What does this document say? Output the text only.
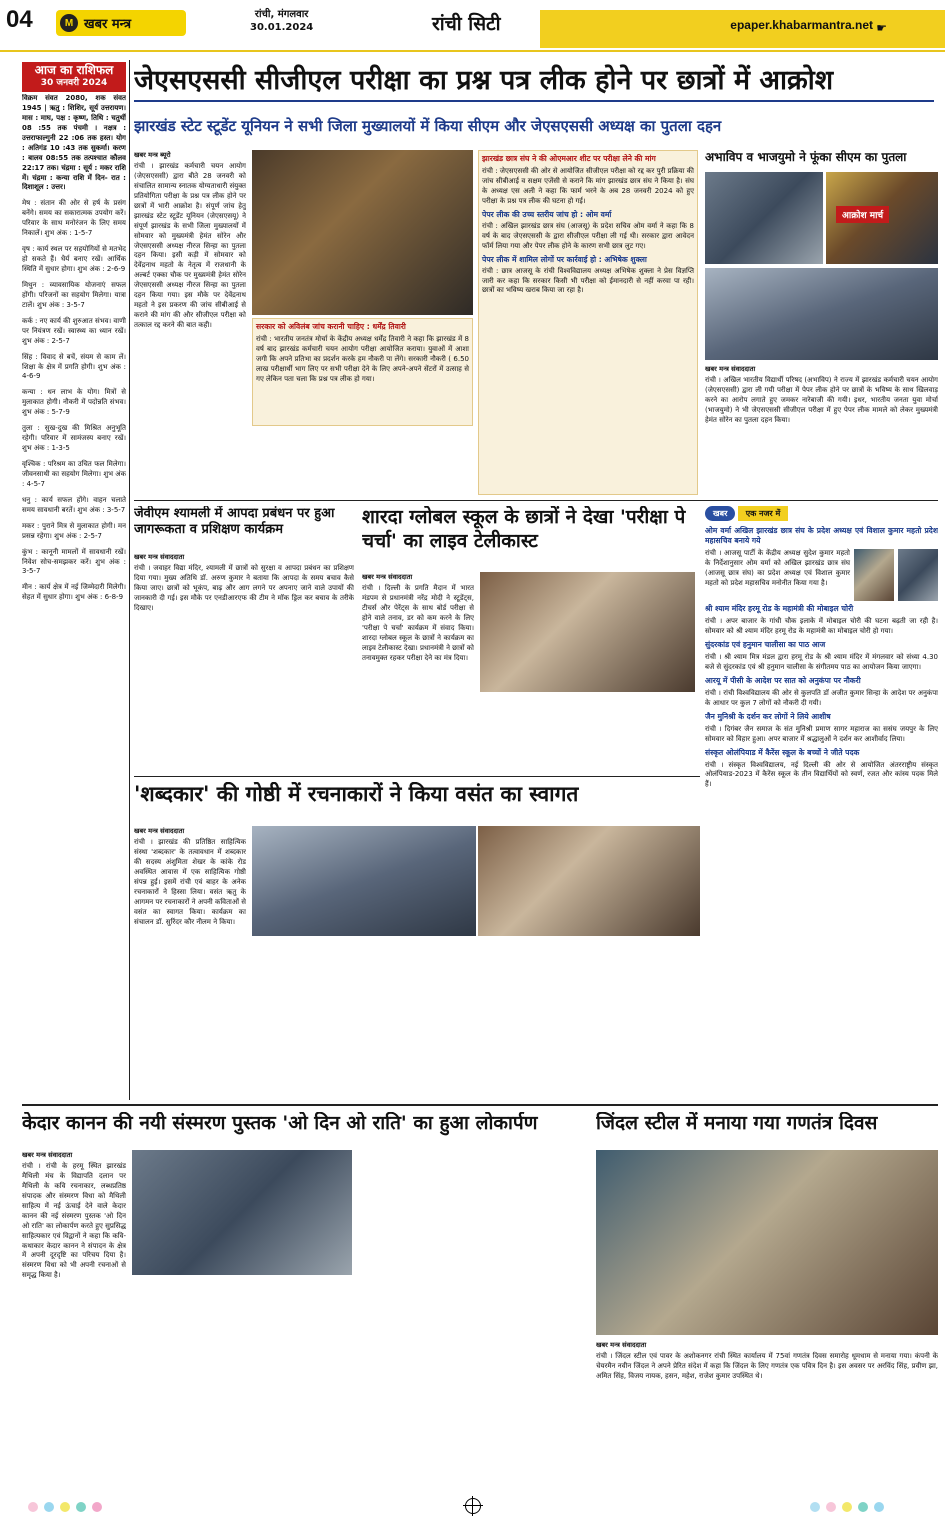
04	M खबर मन्त्र
रांची, मंगलवार
30.01.2024	रांची सिटी	epaper.khabarmantra.net ☛
आज का राशिफल
30 जनवरी 2024

विक्रम संवत 2080, शक संवत 1945 | ऋतु : शिशिर, सूर्य उत्तरायण। मास : माघ, पक्ष : कृष्ण, तिथि : चतुर्थी 08 :55 तक पंचमी । नक्षत्र : उत्तराफाल्गुनी 22 :06 तक हस्त। योग : अतिगंड 10 :43 तक सुकर्मा। करण : बालव 08:55 तक तत्पश्चात कौलव 22:17 तक। चंद्रमा : सूर्य : मकर राशि में। चंद्रमा : कन्या राशि में दिन- रात : दिशाशूल : उत्तर।

मेष : संतान की ओर से हर्ष के प्रसंग बनेंगे। समय का सकारात्मक उपयोग करें। परिवार के साथ मनोरंजन के लिए समय निकालें। शुभ अंक : 1-5-7

वृष : कार्य स्थल पर सहयोगियों से मतभेद हो सकते हैं। धैर्य बनाए रखें। आर्थिक स्थिति में सुधार होगा। शुभ अंक : 2-6-9

मिथुन : व्यावसायिक योजनाएं सफल होंगी। परिजनों का सहयोग मिलेगा। यात्रा टालें। शुभ अंक : 3-5-7

कर्क : नए कार्य की शुरुआत संभव। वाणी पर नियंत्रण रखें। स्वास्थ्य का ध्यान रखें। शुभ अंक : 2-5-7

सिंह : विवाद से बचें, संयम से काम लें। शिक्षा के क्षेत्र में प्रगति होगी। शुभ अंक : 4-6-9

कन्या : धन लाभ के योग। मित्रों से मुलाकात होगी। नौकरी में पदोन्नति संभव। शुभ अंक : 5-7-9

तुला : सुख-दुख की मिश्रित अनुभूति रहेगी। परिवार में सामंजस्य बनाए रखें। शुभ अंक : 1-3-5

वृश्चिक : परिश्रम का उचित फल मिलेगा। जीवनसाथी का सहयोग मिलेगा। शुभ अंक : 4-5-7

धनु : कार्य सफल होंगे। वाहन चलाते समय सावधानी बरतें। शुभ अंक : 3-5-7

मकर : पुराने मित्र से मुलाकात होगी। मन प्रसन्न रहेगा। शुभ अंक : 2-5-7

कुंभ : कानूनी मामलों में सावधानी रखें। निवेश सोच-समझकर करें। शुभ अंक : 3-5-7

मीन : कार्य क्षेत्र में नई जिम्मेदारी मिलेगी। सेहत में सुधार होगा। शुभ अंक : 6-8-9

जेएसएससी सीजीएल परीक्षा का प्रश्न पत्र लीक होने पर छात्रों में आक्रोश
झारखंड स्टेट स्टूडेंट यूनियन ने सभी जिला मुख्यालयों में किया सीएम और जेएसएससी अध्यक्ष का पुतला दहन
खबर मन्त्र ब्यूरो
रांची । झारखंड कर्मचारी चयन आयोग (जेएसएससी) द्वारा बीते 28 जनवरी को संचालित सामान्य स्नातक योग्यताधारी संयुक्त प्रतियोगिता परीक्षा के प्रश्न पत्र लीक होने पर छात्रों में भारी आक्रोश है। संपूर्ण जांच हेतु झारखंड स्टेट स्टूडेंट यूनियन (जेएसएसयू) ने संपूर्ण झारखंड के सभी जिला मुख्यालयों में सोमवार को मुख्यमंत्री हेमंत सोरेन और जेएसएससी अध्यक्ष नीरज सिन्हा का पुतला दहन किया। इसी कड़ी में सोमवार को देवेंद्रनाथ महतो के नेतृत्व में राजधानी के अल्बर्ट एक्का चौक पर मुख्यमंत्री हेमंत सोरेन जेएसएससी अध्यक्ष नीरज सिन्हा का पुतला दहन किया गया। इस मौके पर देवेंद्रनाथ महतो ने इस प्रकरण की जांच सीबीआई से कराने की मांग की और सीजीएल परीक्षा को तत्काल रद्द करने की बात कही।	सरकार को अविलंब जांच करानी चाहिए : धर्मेंद्र तिवारी
रांची : भारतीय जनतंत्र मोर्चा के केंद्रीय अध्यक्ष धर्मेंद्र तिवारी ने कहा कि झारखंड में 8 वर्ष बाद झारखंड कर्मचारी चयन आयोग परीक्षा आयोजित कराया। युवाओं में आशा जगी कि अपने प्रतिभा का प्रदर्शन करके हम नौकरी पा लेंगे। सरकारी नौकरी ( 6.50 लाख परीक्षार्थी भाग लिए पर सभी परीक्षा देने के लिए अपने-अपने सेंटरों में उत्साह से गए लेकिन पता चला कि प्रश्न पत्र लीक हो गया।
झारखंड छात्र संघ ने की ओएमआर शीट पर परीक्षा लेने की मांग
रांची : जेएसएससी की ओर से आयोजित सीजीएल परीक्षा को रद्द कर पुरी प्रक्रिया की जांच सीबीआई व सक्षम एजेंसी से कराने कि मांग झारखंड छात्र संघ ने किया है। संघ के अध्यक्ष एस अली ने कहा कि फार्म भरने के अब 28 जनवरी 2024 को हुए परीक्षा के प्रश्न पत्र लीक की घटना हो गई।
पेपर लीक की उच्च स्तरीय जांच हो : ओम वर्मा
रांची : अखिल झारखंड छात्र संघ (आजसू) के प्रदेश सचिव ओम वर्मा ने कहा कि 8 वर्ष के बाद जेएसएससी के द्वारा सीजीएल परीक्षा ली गई थी। सरकार द्वारा आवेदन फॉर्म लिया गया और पेपर लीक होने के कारण सभी छात्र लुट गए।
पेपर लीक में शामिल लोगों पर कार्रवाई हो : अभिषेक शुक्ला
रांची : छात्र आजसू के रांची विश्वविद्यालय अध्यक्ष अभिषेक शुक्ला ने प्रेस विज्ञप्ति जारी कर कहा कि सरकार किसी भी परीक्षा को ईमानदारी से नहीं करवा पा रही। छात्रों का भविष्य खराब किया जा रहा है।
अभाविप व भाजयुमो ने फूंका सीएम का पुतला
आक्रोश मार्च
खबर मन्त्र संवाददाता
रांची । अखिल भारतीय विद्यार्थी परिषद (अभाविप) ने राज्य में झारखंड कर्मचारी चयन आयोग (जेएसएससी) द्वारा ली गयी परीक्षा में पेपर लीक होने पर छात्रों के भविष्य के साथ खिलवाड़ करने का आरोप लगाते हुए जमकर नारेबाजी की गयी। इधर, भारतीय जनता युवा मोर्चा (भाजयुमो) ने भी जेएसएससी सीजीएल परीक्षा में हुए पेपर लीक मामले को लेकर मुख्यमंत्री हेमंत सोरेन का पुतला दहन किया।
जेवीएम श्यामली में आपदा प्रबंधन पर हुआ जागरूकता व प्रशिक्षण कार्यक्रम
खबर मन्त्र संवाददाता
रांची । जवाहर विद्या मंदिर, श्यामली में छात्रों को सुरक्षा व आपदा प्रबंधन का प्रशिक्षण दिया गया। मुख्य अतिथि डॉ. अरुण कुमार ने बताया कि आपदा के समय बचाव कैसे किया जाए। छात्रों को भूकंप, बाढ़ और आग लगने पर अपनाए जाने वाले उपायों की जानकारी दी गई। इस मौके पर एनडीआरएफ की टीम ने मॉक ड्रिल कर बचाव के तरीके दिखाए।
शारदा ग्लोबल स्कूल के छात्रों ने देखा 'परीक्षा पे चर्चा' का लाइव टेलीकास्ट
खबर मन्त्र संवाददाता
रांची । दिल्ली के प्रगति मैदान में भारत मंडपम से प्रधानमंत्री नरेंद्र मोदी ने स्टूडेंट्स, टीचर्स और पेरेंट्स के साथ बोर्ड परीक्षा से होने वाले तनाव, डर को कम करने के लिए 'परीक्षा पे चर्चा' कार्यक्रम में संवाद किया। शारदा ग्लोबल स्कूल के छात्रों ने कार्यक्रम का लाइव टेलीकास्ट देखा। प्रधानमंत्री ने छात्रों को तनावमुक्त रहकर परीक्षा देने का मंत्र दिया।
खबर एक नजर में
ओम वर्मा अखिल झारखंड छात्र संघ के प्रदेश अध्यक्ष एवं विशाल कुमार महतो प्रदेश महासचिव बनाये गये
रांची । आजसू पार्टी के केंद्रीय अध्यक्ष सुदेश कुमार महतो के निर्देशानुसार ओम वर्मा को अखिल झारखंड छात्र संघ (आजसू छात्र संघ) का प्रदेश अध्यक्ष एवं विशाल कुमार महतो को प्रदेश महासचिव मनोनीत किया गया है।
श्री श्याम मंदिर हरमू रोड के महामंत्री की मोबाइल चोरी
रांची । अपर बाजार के गांधी चौक इलाके में मोबाइल चोरी की घटना बढ़ती जा रही है। सोमवार को श्री श्याम मंदिर हरमू रोड के महामंत्री का मोबाइल चोरी हो गया।
सुंदरकांड एवं हनुमान चालीसा का पाठ आज
रांची । श्री श्याम मित्र मंडल द्वारा हरमू रोड के श्री श्याम मंदिर में मंगलवार को संध्या 4.30 बजे से सुंदरकांड एवं श्री हनुमान चालीसा के संगीतमय पाठ का आयोजन किया जाएगा।
आरयू में पीसी के आदेश पर सात को अनुकंपा पर नौकरी
रांची । रांची विश्वविद्यालय की ओर से कुलपति डॉ अजीत कुमार सिन्हा के आदेश पर अनुकंपा के आधार पर कुल 7 लोगों को नौकरी दी गयी।
जैन मुनिश्री के दर्शन कर लोगों ने लिये आशीष
रांची । दिगंबर जैन समाज के संत मुनिश्री प्रमाण सागर महाराज का ससंघ जयपुर के लिए सोमवार को विहार हुआ। अपर बाजार में श्रद्धालुओं ने दर्शन कर आशीर्वाद लिया।
संस्कृत ओलंपियाड में कैरेंस स्कूल के बच्चों ने जीते पदक
रांची । संस्कृत विश्वविद्यालय, नई दिल्ली की ओर से आयोजित अंतरराष्ट्रीय संस्कृत ओलंपियाड-2023 में कैरेंस स्कूल के तीन विद्यार्थियों को स्वर्ण, रजत और कांस्य पदक मिले हैं।
'शब्दकार' की गोष्ठी में रचनाकारों ने किया वसंत का स्वागत
खबर मन्त्र संवाददाता
रांची । झारखंड की प्रतिष्ठित साहित्यिक संस्था 'शब्दकार' के तत्वावधान में शब्दकार की सदस्य अंशुमिता शेखर के कांके रोड अवस्थित आवास में एक साहित्यिक गोष्ठी संपन्न हुई। इसमें रांची एवं बाहर के अनेक रचनाकारों ने हिस्सा लिया। वसंत ऋतु के आगमन पर रचनाकारों ने अपनी कविताओं से वसंत का स्वागत किया। कार्यक्रम का संचालन डॉ. सुरिंदर कौर नीलम ने किया।
केदार कानन की नयी संस्मरण पुस्तक 'ओ दिन ओ राति' का हुआ लोकार्पण
खबर मन्त्र संवाददाता
रांची । रांची के हरमू स्थित झारखंड मैथिली मंच के विद्यापति दलान पर मैथिली के कवि रचनाकार, लब्धप्रतिष्ठ संपादक और संस्मरण विधा को मैथिली साहित्य में नई ऊंचाई देने वाले केदार कानन की नई संस्मरण पुस्तक 'ओ दिन ओ राति' का लोकार्पण करते हुए सुप्रसिद्ध साहित्यकार एवं विद्वानों ने कहा कि कवि-कथाकार केदार कानन ने संपादन के क्षेत्र में अपनी दूरदृष्टि का परिचय दिया है। संस्मरण विधा को भी अपनी रचनाओं से समृद्ध किया है।
जिंदल स्टील में मनाया गया गणतंत्र दिवस
खबर मन्त्र संवाददाता
रांची । जिंदल स्टील एवं पावर के अशोकनगर रांची स्थित कार्यालय में 75वां गणतंत्र दिवस समारोह धूमधाम से मनाया गया। कंपनी के चेयरमैन नवीन जिंदल ने अपने प्रेरित संदेश में कहा कि जिंदल के लिए गणतंत्र एक पवित्र दिन है। इस अवसर पर अरविंद सिंह, प्रवीण झा, अमित सिंह, विजय नायक, हसन, महेश, राजेश कुमार उपस्थित थे।
